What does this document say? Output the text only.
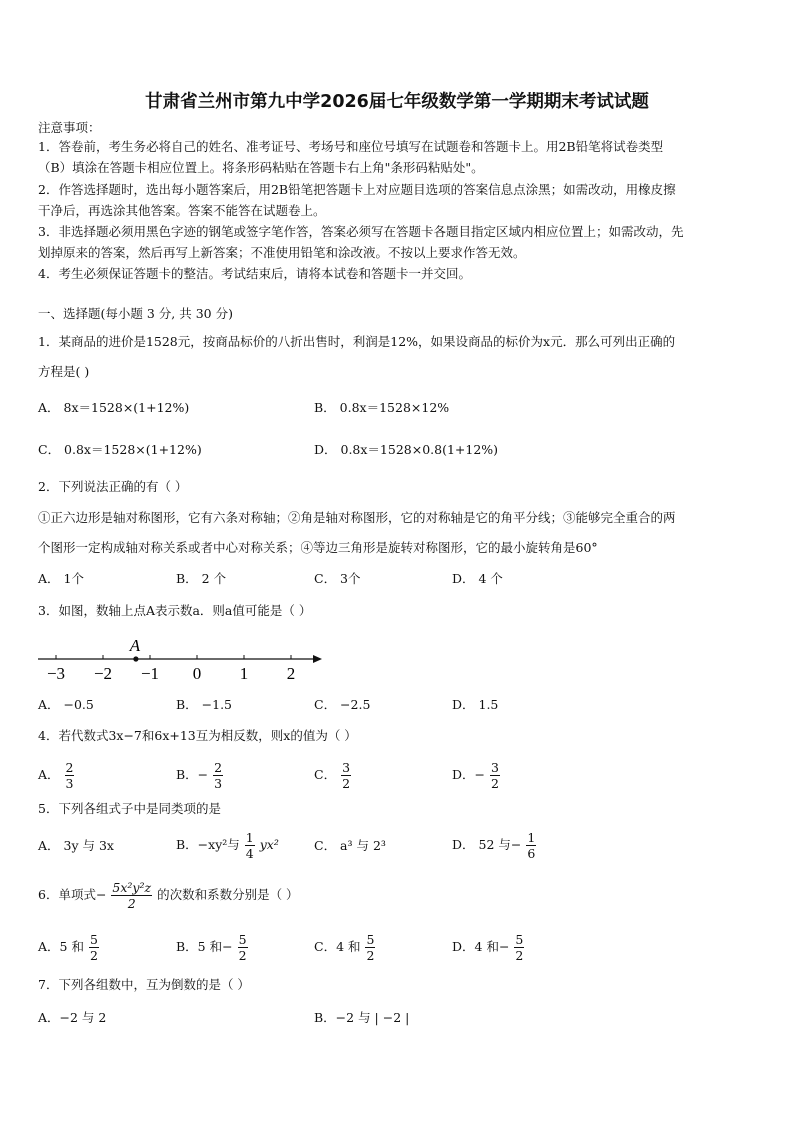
甘肃省兰州市第九中学2026届七年级数学第一学期期末考试试题
注意事项：
1．答卷前，考生务必将自己的姓名、准考证号、考场号和座位号填写在试题卷和答题卡上。用2B铅笔将试卷类型
（B）填涂在答题卡相应位置上。将条形码粘贴在答题卡右上角"条形码粘贴处"。
2．作答选择题时，选出每小题答案后，用2B铅笔把答题卡上对应题目选项的答案信息点涂黑；如需改动，用橡皮擦
干净后，再选涂其他答案。答案不能答在试题卷上。
3．非选择题必须用黑色字迹的钢笔或签字笔作答，答案必须写在答题卡各题目指定区域内相应位置上；如需改动，先
划掉原来的答案，然后再写上新答案；不准使用铅笔和涂改液。不按以上要求作答无效。
4．考生必须保证答题卡的整洁。考试结束后，请将本试卷和答题卡一并交回。
一、选择题(每小题 3 分, 共 30 分)
1．某商品的进价是1528元，按商品标价的八折出售时，利润是12%，如果设商品的标价为x元．那么可列出正确的
方程是( )
A． 8x＝1528×(1+12%)	B． 0.8x＝1528×12%
C． 0.8x＝1528×(1+12%)	D． 0.8x＝1528×0.8(1+12%)
2．下列说法正确的有（ ）
①正六边形是轴对称图形，它有六条对称轴；②角是轴对称图形，它的对称轴是它的角平分线；③能够完全重合的两
个图形一定构成轴对称关系或者中心对称关系；④等边三角形是旋转对称图形，它的最小旋转角是60°
A． 1个	B． 2 个	C． 3个	D． 4 个
3．如图，数轴上点A表示数a．则a值可能是（ ）
−3 −2 −1 0 1 2
A
A． −0.5	B． −1.5	C． −2.5	D． 1.5
4．若代数式3x−7和6x+13互为相反数，则x的值为（ ）
A． $\frac{2}{3}$	B．− $\frac{2}{3}$	C． $\frac{3}{2}$	D．− $\frac{3}{2}$
5．下列各组式子中是同类项的是
A． 3y 与 3x	B．−xy²与 $\frac{1}{4} yx^2$	C． a³ 与 2³	D． 52 与− $\frac{1}{6}$
6．单项式− $\frac{\text{5x²y²z}}{2}$ 的次数和系数分别是（ ）
A．5 和 $\frac{5}{2}$	B．5 和− $\frac{5}{2}$	C．4 和 $\frac{5}{2}$	D．4 和− $\frac{5}{2}$
7．下列各组数中，互为倒数的是（ ）
A．−2 与 2	B．−2 与 | −2 |
